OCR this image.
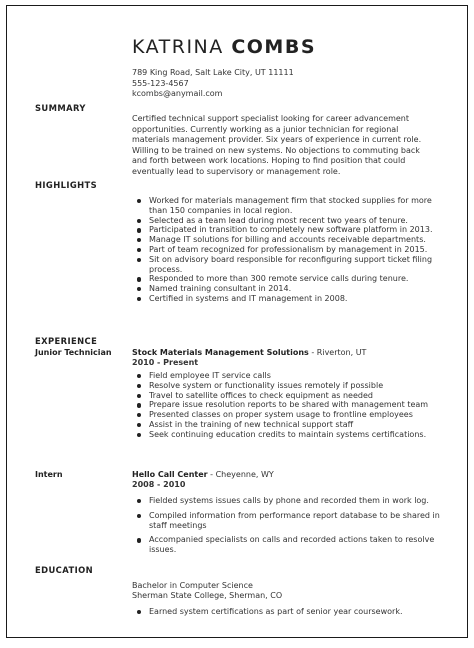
KATRINA COMBS
789 King Road, Salt Lake City, UT 11111
555-123-4567
kcombs@anymail.com
SUMMARY
Certified technical support specialist looking for career advancement opportunities. Currently working as a junior technician for regional materials management provider. Six years of experience in current role. Willing to be trained on new systems. No objections to commuting back and forth between work locations. Hoping to find position that could eventually lead to supervisory or management role.
HIGHLIGHTS
Worked for materials management firm that stocked supplies for more than 150 companies in local region.
Selected as a team lead during most recent two years of tenure.
Participated in transition to completely new software platform in 2013.
Manage IT solutions for billing and accounts receivable departments.
Part of team recognized for professionalism by management in 2015.
Sit on advisory board responsible for reconfiguring support ticket filing process.
Responded to more than 300 remote service calls during tenure.
Named training consultant in 2014.
Certified in systems and IT management in 2008.
EXPERIENCE
Junior Technician	Stock Materials Management Solutions - Riverton, UT
2010 - Present
Field employee IT service calls
Resolve system or functionality issues remotely if possible
Travel to satellite offices to check equipment as needed
Prepare issue resolution reports to be shared with management team
Presented classes on proper system usage to frontline employees
Assist in the training of new technical support staff
Seek continuing education credits to maintain systems certifications.
Intern	Hello Call Center - Cheyenne, WY
2008 - 2010
Fielded systems issues calls by phone and recorded them in work log.
Compiled information from performance report database to be shared in staff meetings
Accompanied specialists on calls and recorded actions taken to resolve issues.
EDUCATION
Bachelor in Computer Science
Sherman State College, Sherman, CO
Earned system certifications as part of senior year coursework.
